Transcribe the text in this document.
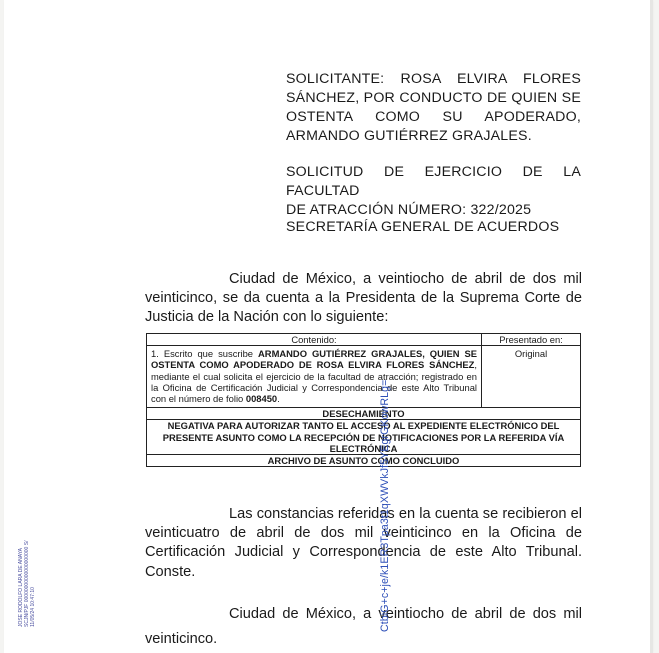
SOLICITANTE: ROSA ELVIRA FLORES
SÁNCHEZ, POR CONDUCTO DE QUIEN SE
OSTENTA COMO SU APODERADO,
ARMANDO GUTIÉRREZ GRAJALES.
SOLICITUD DE EJERCICIO DE LA FACULTAD
DE ATRACCIÓN NÚMERO: 322/2025
SECRETARÍA GENERAL DE ACUERDOS
Ciudad de México, a veintiocho de abril de dos mil veinticinco, se da cuenta a la Presidenta de la Suprema Corte de Justicia de la Nación con lo siguiente:
Contenido:	Presentado en:
1. Escrito que suscribe ARMANDO GUTIÉRREZ GRAJALES, QUIEN SE OSTENTA COMO APODERADO DE ROSA ELVIRA FLORES SÁNCHEZ, mediante el cual solicita el ejercicio de la facultad de atracción; registrado en la Oficina de Certificación Judicial y Correspondencia de este Alto Tribunal con el número de folio 008450.	Original
DESECHAMIENTO	
NEGATIVA PARA AUTORIZAR TANTO EL ACCESO AL EXPEDIENTE ELECTRÓNICO DEL PRESENTE ASUNTO COMO LA RECEPCIÓN DE NOTIFICACIONES POR LA REFERIDA VÍA ELECTRÓNICA	
ARCHIVO DE ASUNTO COMO CONCLUIDO	
Las constancias referidas en la cuenta se recibieron el veinticuatro de abril de dos mil veinticinco en la Oficina de Certificación Judicial y Correspondencia de este Alto Tribunal. Conste.
Ciudad de México, a veintiocho de abril de dos mil veinticinco.
CtbiG+c+je/k1ER3Tpa3t1qXWVkJf5YEgrGKowRLg=
JOSE RODOLFO LARA DE ANAYA SCJN/PJF 00000000000000000000 S/ 11/05/24 10:47:10
